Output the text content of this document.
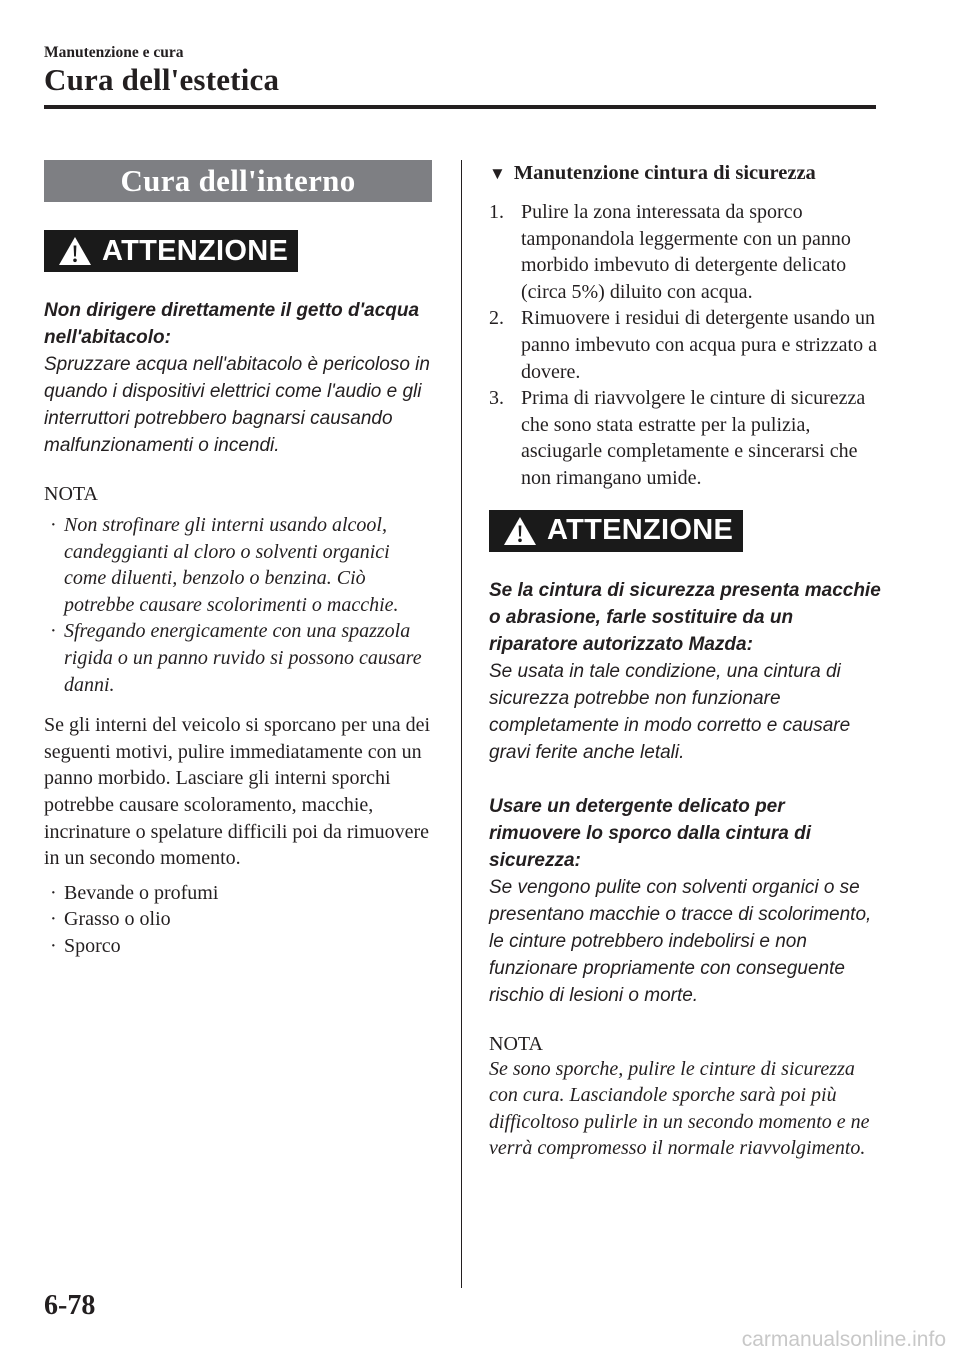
Manutenzione e cura
Cura dell'estetica
Cura dell'interno
ATTENZIONE
Non dirigere direttamente il getto d'acqua nell'abitacolo:
Spruzzare acqua nell'abitacolo è pericoloso in quando i dispositivi elettrici come l'audio e gli interruttori potrebbero bagnarsi causando malfunzionamenti o incendi.
NOTA
· Non strofinare gli interni usando alcool, candeggianti al cloro o solventi organici come diluenti, benzolo o benzina. Ciò potrebbe causare scolorimenti o macchie.
· Sfregando energicamente con una spazzola rigida o un panno ruvido si possono causare danni.
Se gli interni del veicolo si sporcano per una dei seguenti motivi, pulire immediatamente con un panno morbido. Lasciare gli interni sporchi potrebbe causare scoloramento, macchie, incrinature o spelature difficili poi da rimuovere in un secondo momento.
· Bevande o profumi
· Grasso o olio
· Sporco
▼ Manutenzione cintura di sicurezza
1. Pulire la zona interessata da sporco tamponandola leggermente con un panno morbido imbevuto di detergente delicato (circa 5%) diluito con acqua.
2. Rimuovere i residui di detergente usando un panno imbevuto con acqua pura e strizzato a dovere.
3. Prima di riavvolgere le cinture di sicurezza che sono stata estratte per la pulizia, asciugarle completamente e sincerarsi che non rimangano umide.
ATTENZIONE
Se la cintura di sicurezza presenta macchie o abrasione, farle sostituire da un riparatore autorizzato Mazda:
Se usata in tale condizione, una cintura di sicurezza potrebbe non funzionare completamente in modo corretto e causare gravi ferite anche letali.
Usare un detergente delicato per rimuovere lo sporco dalla cintura di sicurezza:
Se vengono pulite con solventi organici o se presentano macchie o tracce di scolorimento, le cinture potrebbero indebolirsi e non funzionare propriamente con conseguente rischio di lesioni o morte.
NOTA
Se sono sporche, pulire le cinture di sicurezza con cura. Lasciandole sporche sarà poi più difficoltoso pulirle in un secondo momento e ne verrà compromesso il normale riavvolgimento.
6-78
carmanualsonline.info
